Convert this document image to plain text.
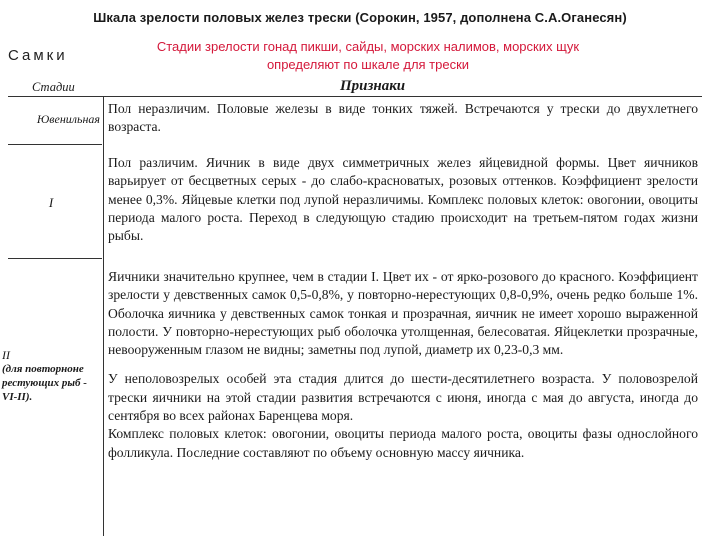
Шкала зрелости половых желез трески (Сорокин, 1957, дополнена С.А.Оганесян)
Самки
Стадии зрелости гонад пикши, сайды, морских налимов, морских щук
определяют по шкале для трески
Стадии	Признаки
Ювенильная
Пол неразличим. Половые железы в виде тонких тяжей. Встречаются у трески до двухлетнего возраста.
I
Пол различим. Яичник в виде двух симметричных желез яйцевидной формы. Цвет яичников варьирует от бесцветных серых - до слабо-красноватых, розовых оттенков. Коэффициент зрелости менее 0,3%. Яйцевые клетки под лупой неразличимы. Комплекс половых клеток: овогонии, овоциты периода малого роста. Переход в следующую стадию происходит на третьем-пятом годах жизни рыбы.
II
(для повторноне рестующих рыб - VI-II).

Яичники значительно крупнее, чем в стадии I. Цвет их - от ярко-розового до красного. Коэффициент зрелости у девственных самок 0,5-0,8%, у повторно-нерестующих 0,8-0,9%, очень редко больше 1%. Оболочка яичника у девственных самок тонкая и прозрачная, яичник не имеет хорошо выраженной полости. У повторно-нерестующих рыб оболочка утолщенная, белесоватая. Яйцеклетки прозрачные, невооруженным глазом не видны; заметны под лупой, диаметр их 0,23-0,3 мм.

У неполовозрелых особей эта стадия длится до шести-десятилетнего возраста. У половозрелой трески яичники на этой стадии развития встречаются с июня, иногда с мая до августа, иногда до сентября во всех районах Баренцева моря.

Комплекс половых клеток: овогонии, овоциты периода малого роста, овоциты фазы однослойного фолликула. Последние составляют по объему основную массу яичника.
